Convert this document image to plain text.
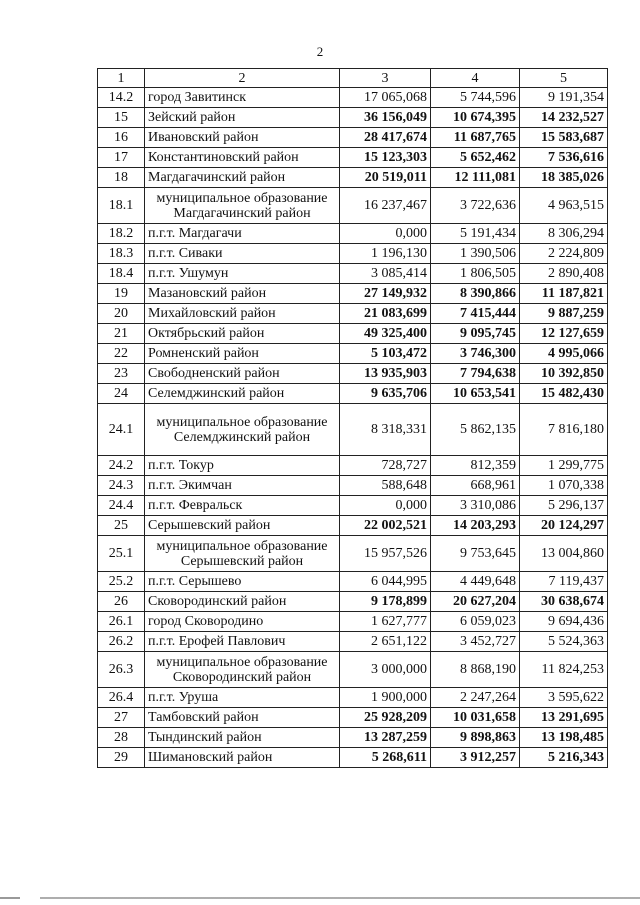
2
1	2	3	4	5
14.2	город Завитинск	17 065,068	5 744,596	9 191,354
15	Зейский район	36 156,049	10 674,395	14 232,527
16	Ивановский район	28 417,674	11 687,765	15 583,687
17	Константиновский район	15 123,303	5 652,462	7 536,616
18	Магдагачинский район	20 519,011	12 111,081	18 385,026
18.1	муниципальное образование Магдагачинский район	16 237,467	3 722,636	4 963,515
18.2	п.г.т. Магдагачи	0,000	5 191,434	8 306,294
18.3	п.г.т. Сиваки	1 196,130	1 390,506	2 224,809
18.4	п.г.т. Ушумун	3 085,414	1 806,505	2 890,408
19	Мазановский район	27 149,932	8 390,866	11 187,821
20	Михайловский район	21 083,699	7 415,444	9 887,259
21	Октябрьский район	49 325,400	9 095,745	12 127,659
22	Ромненский район	5 103,472	3 746,300	4 995,066
23	Свободненский район	13 935,903	7 794,638	10 392,850
24	Селемджинский район	9 635,706	10 653,541	15 482,430
24.1	муниципальное образование Селемджинский район	8 318,331	5 862,135	7 816,180
24.2	п.г.т. Токур	728,727	812,359	1 299,775
24.3	п.г.т. Экимчан	588,648	668,961	1 070,338
24.4	п.г.т. Февральск	0,000	3 310,086	5 296,137
25	Серышевский район	22 002,521	14 203,293	20 124,297
25.1	муниципальное образование Серышевский район	15 957,526	9 753,645	13 004,860
25.2	п.г.т. Серышево	6 044,995	4 449,648	7 119,437
26	Сковородинский район	9 178,899	20 627,204	30 638,674
26.1	город Сковородино	1 627,777	6 059,023	9 694,436
26.2	п.г.т. Ерофей Павлович	2 651,122	3 452,727	5 524,363
26.3	муниципальное образование Сковородинский район	3 000,000	8 868,190	11 824,253
26.4	п.г.т. Уруша	1 900,000	2 247,264	3 595,622
27	Тамбовский район	25 928,209	10 031,658	13 291,695
28	Тындинский район	13 287,259	9 898,863	13 198,485
29	Шимановский район	5 268,611	3 912,257	5 216,343
